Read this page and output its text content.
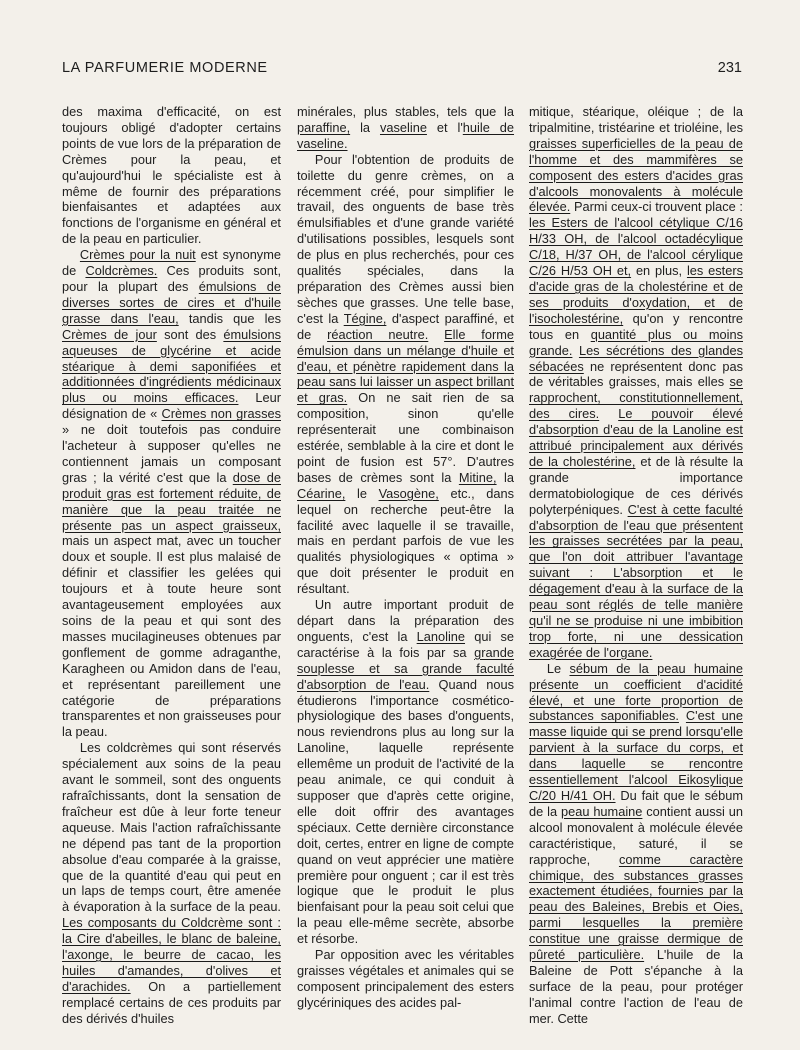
LA PARFUMERIE MODERNE	231

des maxima d'efficacité, on est toujours obligé d'adopter certains points de vue lors de la préparation de Crèmes pour la peau, et qu'aujourd'hui le spécialiste est à même de fournir des préparations bienfaisantes et adaptées aux fonctions de l'organisme en général et de la peau en particulier.

Crèmes pour la nuit est synonyme de Coldcrèmes. Ces produits sont, pour la plupart des émulsions de diverses sortes de cires et d'huile grasse dans l'eau, tandis que les Crèmes de jour sont des émulsions aqueuses de glycérine et acide stéarique à demi saponifiées et additionnées d'ingrédients médicinaux plus ou moins efficaces. Leur désignation de « Crèmes non grasses » ne doit toutefois pas conduire l'acheteur à supposer qu'elles ne contiennent jamais un composant gras ; la vérité c'est que la dose de produit gras est fortement réduite, de manière que la peau traitée ne présente pas un aspect graisseux, mais un aspect mat, avec un toucher doux et souple. Il est plus malaisé de définir et classifier les gelées qui toujours et à toute heure sont avantageusement employées aux soins de la peau et qui sont des masses mucilagineuses obtenues par gonflement de gomme adraganthe, Karagheen ou Amidon dans de l'eau, et représentant pareillement une catégorie de préparations transparentes et non graisseuses pour la peau.

Les coldcrèmes qui sont réservés spécialement aux soins de la peau avant le sommeil, sont des onguents rafraîchissants, dont la sensation de fraîcheur est dûe à leur forte teneur aqueuse. Mais l'action rafraîchissante ne dépend pas tant de la proportion absolue d'eau comparée à la graisse, que de la quantité d'eau qui peut en un laps de temps court, être amenée à évaporation à la surface de la peau. Les composants du Coldcrème sont : la Cire d'abeilles, le blanc de baleine, l'axonge, le beurre de cacao, les huiles d'amandes, d'olives et d'arachides. On a partiellement remplacé certains de ces produits par des dérivés d'huiles

minérales, plus stables, tels que la paraffine, la vaseline et l'huile de vaseline.

Pour l'obtention de produits de toilette du genre crèmes, on a récemment créé, pour simplifier le travail, des onguents de base très émulsifiables et d'une grande variété d'utilisations possibles, lesquels sont de plus en plus recherchés, pour ces qualités spéciales, dans la préparation des Crèmes aussi bien sèches que grasses. Une telle base, c'est la Tégine, d'aspect paraffiné, et de réaction neutre. Elle forme émulsion dans un mélange d'huile et d'eau, et pénètre rapidement dans la peau sans lui laisser un aspect brillant et gras. On ne sait rien de sa composition, sinon qu'elle représenterait une combinaison estérée, semblable à la cire et dont le point de fusion est 57°. D'autres bases de crèmes sont la Mitine, la Céarine, le Vasogène, etc., dans lequel on recherche peut-être la facilité avec laquelle il se travaille, mais en perdant parfois de vue les qualités physiologiques « optima » que doit présenter le produit en résultant.

Un autre important produit de départ dans la préparation des onguents, c'est la Lanoline qui se caractérise à la fois par sa grande souplesse et sa grande faculté d'absorption de l'eau. Quand nous étudierons l'importance cosmético-physiologique des bases d'onguents, nous reviendrons plus au long sur la Lanoline, laquelle représente ellemême un produit de l'activité de la peau animale, ce qui conduit à supposer que d'après cette origine, elle doit offrir des avantages spéciaux. Cette dernière circonstance doit, certes, entrer en ligne de compte quand on veut apprécier une matière première pour onguent ; car il est très logique que le produit le plus bienfaisant pour la peau soit celui que la peau elle-même secrète, absorbe et résorbe.

Par opposition avec les véritables graisses végétales et animales qui se composent principalement des esters glycériniques des acides pal-

mitique, stéarique, oléique ; de la tripalmitine, tristéarine et trioléine, les graisses superficielles de la peau de l'homme et des mammifères se composent des esters d'acides gras d'alcools monovalents à molécule élevée. Parmi ceux-ci trouvent place : les Esters de l'alcool cétylique C/16 H/33 OH, de l'alcool octadécylique C/18, H/37 OH, de l'alcool cérylique C/26 H/53 OH et, en plus, les esters d'acide gras de la cholestérine et de ses produits d'oxydation, et de l'isocholestérine, qu'on y rencontre tous en quantité plus ou moins grande. Les sécrétions des glandes sébacées ne représentent donc pas de véritables graisses, mais elles se rapprochent, constitutionnellement, des cires. Le pouvoir élevé d'absorption d'eau de la Lanoline est attribué principalement aux dérivés de la cholestérine, et de là résulte la grande importance dermatobiologique de ces dérivés polyterpéniques. C'est à cette faculté d'absorption de l'eau que présentent les graisses secrétées par la peau, que l'on doit attribuer l'avantage suivant : L'absorption et le dégagement d'eau à la surface de la peau sont réglés de telle manière qu'il ne se produise ni une imbibition trop forte, ni une dessication exagérée de l'organe.

Le sébum de la peau humaine présente un coefficient d'acidité élevé, et une forte proportion de substances saponifiables. C'est une masse liquide qui se prend lorsqu'elle parvient à la surface du corps, et dans laquelle se rencontre essentiellement l'alcool Eikosylique C/20 H/41 OH. Du fait que le sébum de la peau humaine contient aussi un alcool monovalent à molécule élevée caractéristique, saturé, il se rapproche, comme caractère chimique, des substances grasses exactement étudiées, fournies par la peau des Baleines, Brebis et Oies, parmi lesquelles la première constitue une graisse dermique de pûreté particulière. L'huile de la Baleine de Pott s'épanche à la surface de la peau, pour protéger l'animal contre l'action de l'eau de mer. Cette
